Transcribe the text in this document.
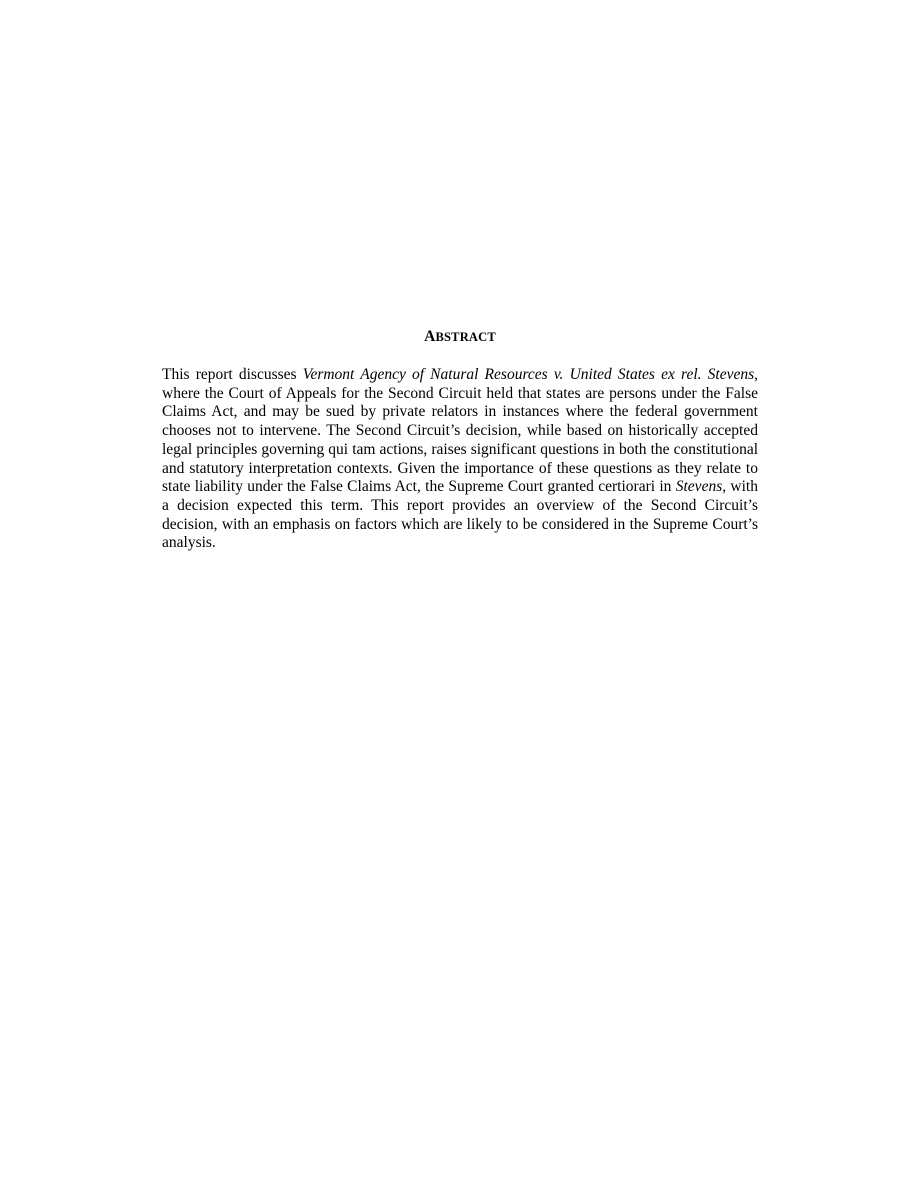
ABSTRACT

This report discusses Vermont Agency of Natural Resources v. United States ex rel. Stevens, where the Court of Appeals for the Second Circuit held that states are persons under the False Claims Act, and may be sued by private relators in instances where the federal government chooses not to intervene. The Second Circuit’s decision, while based on historically accepted legal principles governing qui tam actions, raises significant questions in both the constitutional and statutory interpretation contexts. Given the importance of these questions as they relate to state liability under the False Claims Act, the Supreme Court granted certiorari in Stevens, with a decision expected this term. This report provides an overview of the Second Circuit’s decision, with an emphasis on factors which are likely to be considered in the Supreme Court’s analysis.
